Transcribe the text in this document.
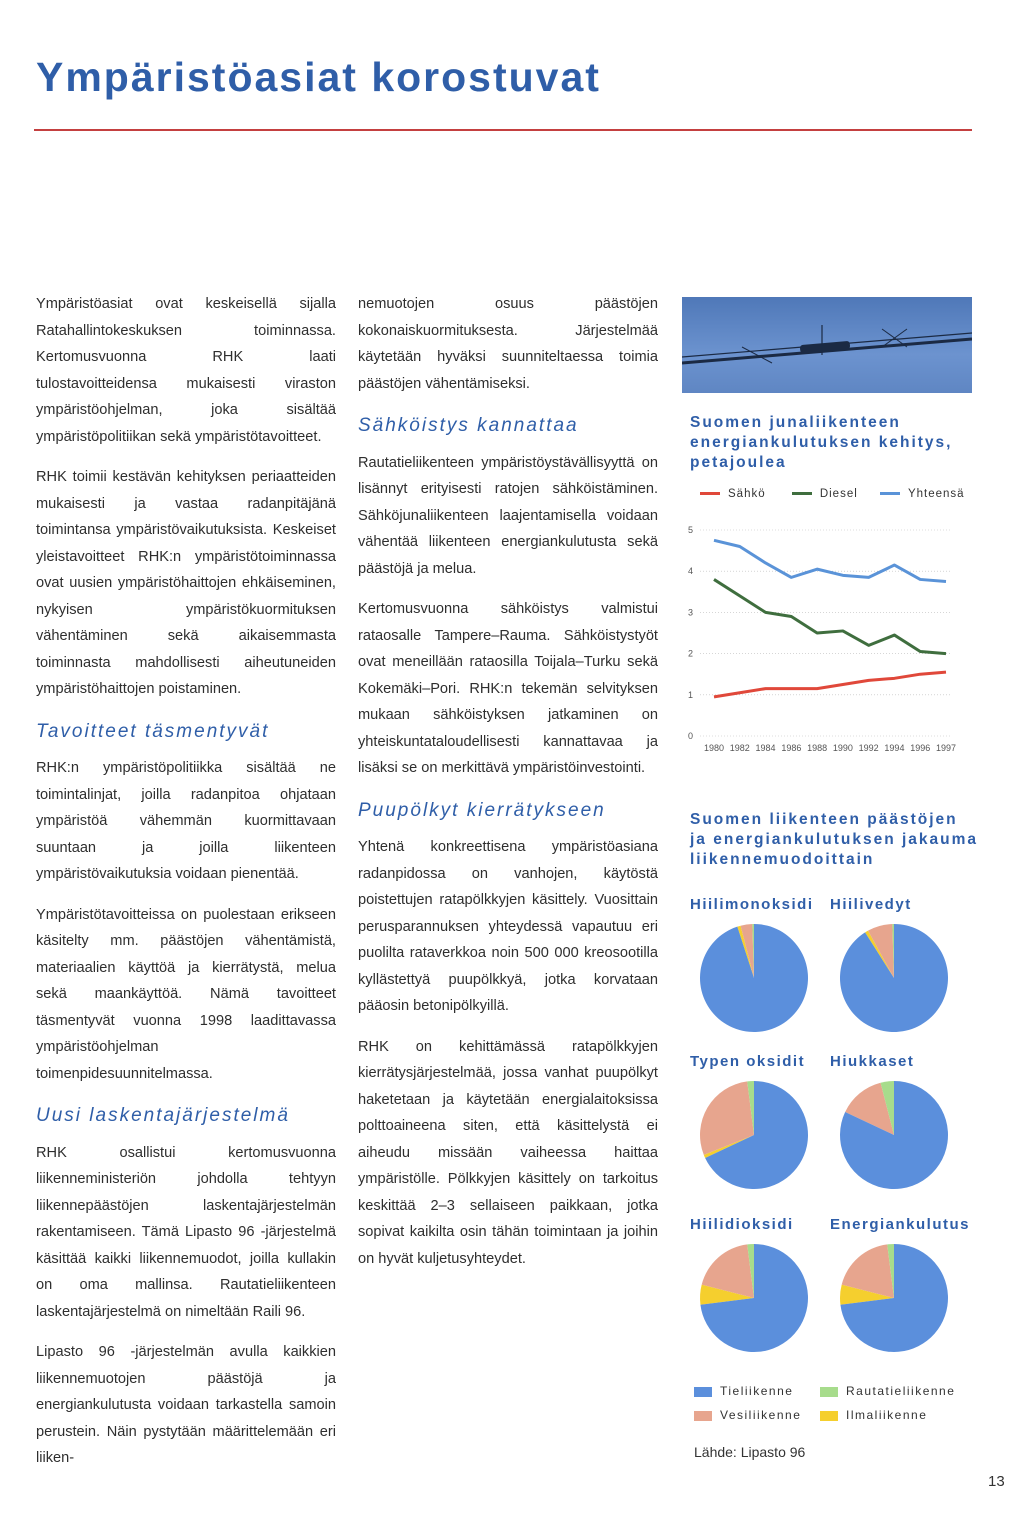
Ympäristöasiat korostuvat

Ympäristöasiat ovat keskeisellä sijalla Ratahallintokeskuksen toiminnassa. Kertomusvuonna RHK laati tulostavoitteidensa mukaisesti viraston ympäristöohjelman, joka sisältää ympäristöpolitiikan sekä ympäristötavoitteet.

RHK toimii kestävän kehityksen periaatteiden mukaisesti ja vastaa radanpitäjänä toimintansa ympäristövaikutuksista. Keskeiset yleistavoitteet RHK:n ympäristötoiminnassa ovat uusien ympäristöhaittojen ehkäiseminen, nykyisen ympäristökuormituksen vähentäminen sekä aikaisemmasta toiminnasta mahdollisesti aiheutuneiden ympäristöhaittojen poistaminen.

Tavoitteet täsmentyvät

RHK:n ympäristöpolitiikka sisältää ne toimintalinjat, joilla radanpitoa ohjataan ympäristöä vähemmän kuormittavaan suuntaan ja joilla liikenteen ympäristövaikutuksia voidaan pienentää.

Ympäristötavoitteissa on puolestaan erikseen käsitelty mm. päästöjen vähentämistä, materiaalien käyttöä ja kierrätystä, melua sekä maankäyttöä. Nämä tavoitteet täsmentyvät vuonna 1998 laadittavassa ympäristöohjelman toimenpidesuunnitelmassa.

Uusi laskentajärjestelmä

RHK osallistui kertomusvuonna liikenneministeriön johdolla tehtyyn liikennepäästöjen laskentajärjestelmän rakentamiseen. Tämä Lipasto 96 -järjestelmä käsittää kaikki liikennemuodot, joilla kullakin on oma mallinsa. Rautatieliikenteen laskentajärjestelmä on nimeltään Raili 96.

Lipasto 96 -järjestelmän avulla kaikkien liikennemuotojen päästöjä ja energiankulutusta voidaan tarkastella samoin perustein. Näin pystytään määrittelemään eri liiken-

nemuotojen osuus päästöjen kokonaiskuormituksesta. Järjestelmää käytetään hyväksi suunniteltaessa toimia päästöjen vähentämiseksi.

Sähköistys kannattaa

Rautatieliikenteen ympäristöystävällisyyttä on lisännyt erityisesti ratojen sähköistäminen. Sähköjunaliikenteen laajentamisella voidaan vähentää liikenteen energiankulutusta sekä päästöjä ja melua.

Kertomusvuonna sähköistys valmistui rataosalle Tampere–Rauma. Sähköistystyöt ovat meneillään rataosilla Toijala–Turku sekä Kokemäki–Pori. RHK:n tekemän selvityksen mukaan sähköistyksen jatkaminen on yhteiskuntataloudellisesti kannattavaa ja lisäksi se on merkittävä ympäristöinvestointi.

Puupölkyt kierrätykseen

Yhtenä konkreettisena ympäristöasiana radanpidossa on vanhojen, käytöstä poistettujen ratapölkkyjen käsittely. Vuosittain perusparannuksen yhteydessä vapautuu eri puolilta rataverkkoa noin 500 000 kreosootilla kyllästettyä puupölkkyä, jotka korvataan pääosin betonipölkyillä.

RHK on kehittämässä ratapölkkyjen kierrätysjärjestelmää, jossa vanhat puupölkyt haketetaan ja käytetään energialaitoksissa polttoaineena siten, että käsittelystä ei aiheudu missään vaiheessa haittaa ympäristölle. Pölkkyjen käsittely on tarkoitus keskittää 2–3 sellaiseen paikkaan, jotka sopivat kaikilta osin tähän toimintaan ja joihin on hyvät kuljetusyhteydet.

Suomen junaliikenteen energiankulutuksen kehitys, petajoulea
Sähkö	Diesel	Yhteensä
0
1
2
3
4
5
1980 1982 1984 1986 1988 1990 1992 1994 1996 1997
Suomen liikenteen päästöjen ja energiankulutuksen jakauma liikennemuodoittain
Hiilimonoksidi Hiilivedyt
Typen oksidit Hiukkaset
Hiilidioksidi Energiankulutus
Tieliikenne	Rautatieliikenne
Vesiliikenne	Ilmaliikenne
Lähde: Lipasto 96
13
